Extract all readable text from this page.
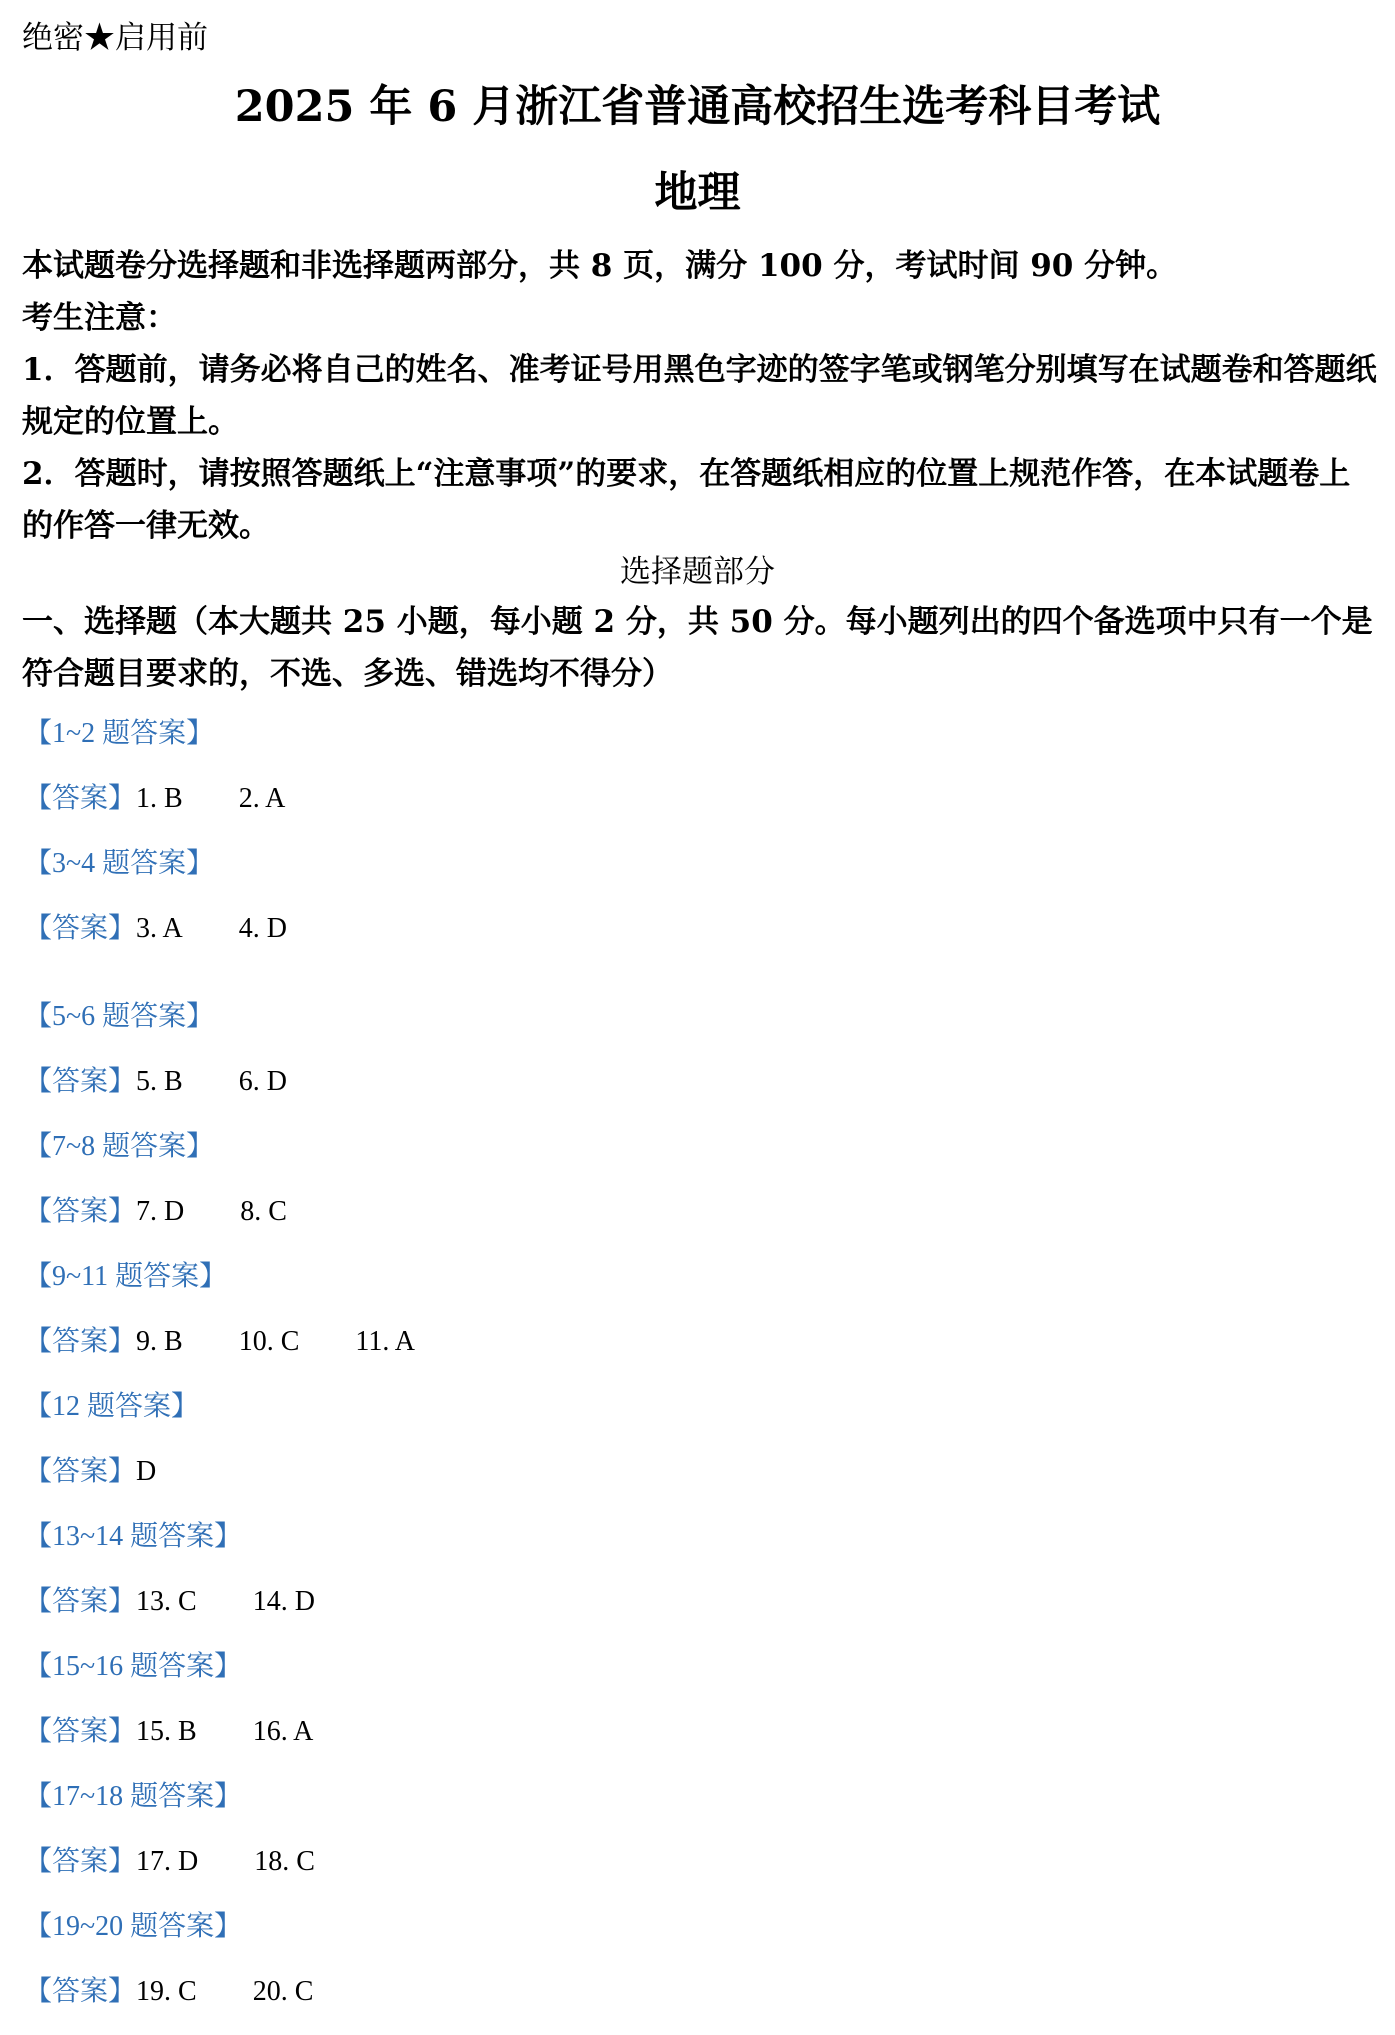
绝密★启用前
2025 年 6 月浙江省普通高校招生选考科目考试
地理

本试题卷分选择题和非选择题两部分，共 8 页，满分 100 分，考试时间 90 分钟。

考生注意：

1．答题前，请务必将自己的姓名、准考证号用黑色字迹的签字笔或钢笔分别填写在试题卷和答题纸规定的位置上。

2．答题时，请按照答题纸上“注意事项”的要求，在答题纸相应的位置上规范作答，在本试题卷上的作答一律无效。

选择题部分
一、选择题（本大题共 25 小题，每小题 2 分，共 50 分。每小题列出的四个备选项中只有一个是符合题目要求的，不选、多选、错选均不得分）
【1~2 题答案】
【答案】1. B 2. A
【3~4 题答案】
【答案】3. A 4. D
【5~6 题答案】
【答案】5. B 6. D
【7~8 题答案】
【答案】7. D 8. C
【9~11 题答案】
【答案】9. B 10. C 11. A
【12 题答案】
【答案】D
【13~14 题答案】
【答案】13. C 14. D
【15~16 题答案】
【答案】15. B 16. A
【17~18 题答案】
【答案】17. D 18. C
【19~20 题答案】
【答案】19. C 20. C
